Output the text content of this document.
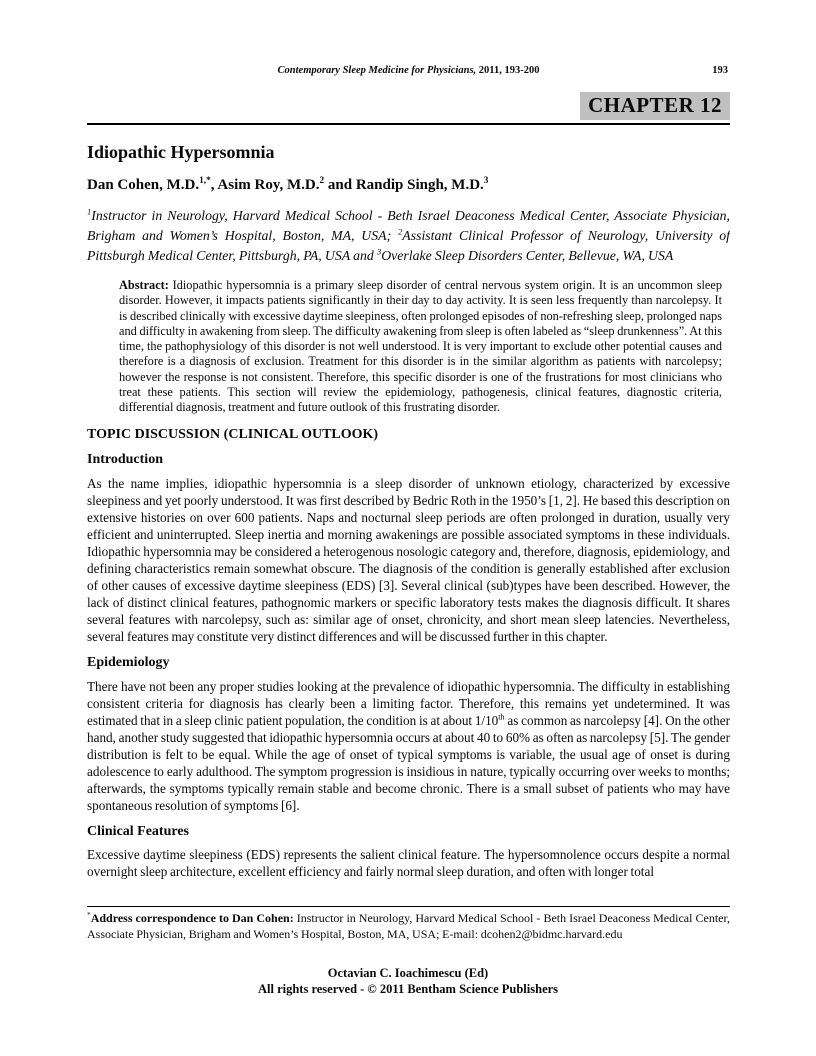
Contemporary Sleep Medicine for Physicians, 2011, 193-200	193
CHAPTER 12
Idiopathic Hypersomnia
Dan Cohen, M.D.$^{1,*}$, Asim Roy, M.D.$^2$ and Randip Singh, M.D.$^3$
$^1$Instructor in Neurology, Harvard Medical School - Beth Israel Deaconess Medical Center, Associate Physician, Brigham and Women’s Hospital, Boston, MA, USA; $^2$Assistant Clinical Professor of Neurology, University of Pittsburgh Medical Center, Pittsburgh, PA, USA and $^3$Overlake Sleep Disorders Center, Bellevue, WA, USA
Abstract: Idiopathic hypersomnia is a primary sleep disorder of central nervous system origin. It is an uncommon sleep disorder. However, it impacts patients significantly in their day to day activity. It is seen less frequently than narcolepsy. It is described clinically with excessive daytime sleepiness, often prolonged episodes of non-refreshing sleep, prolonged naps and difficulty in awakening from sleep. The difficulty awakening from sleep is often labeled as “sleep drunkenness”. At this time, the pathophysiology of this disorder is not well understood. It is very important to exclude other potential causes and therefore is a diagnosis of exclusion. Treatment for this disorder is in the similar algorithm as patients with narcolepsy; however the response is not consistent. Therefore, this specific disorder is one of the frustrations for most clinicians who treat these patients. This section will review the epidemiology, pathogenesis, clinical features, diagnostic criteria, differential diagnosis, treatment and future outlook of this frustrating disorder.
TOPIC DISCUSSION (CLINICAL OUTLOOK)
Introduction

As the name implies, idiopathic hypersomnia is a sleep disorder of unknown etiology, characterized by excessive sleepiness and yet poorly understood. It was first described by Bedric Roth in the 1950’s [1, 2]. He based this description on extensive histories on over 600 patients. Naps and nocturnal sleep periods are often prolonged in duration, usually very efficient and uninterrupted. Sleep inertia and morning awakenings are possible associated symptoms in these individuals. Idiopathic hypersomnia may be considered a heterogenous nosologic category and, therefore, diagnosis, epidemiology, and defining characteristics remain somewhat obscure. The diagnosis of the condition is generally established after exclusion of other causes of excessive daytime sleepiness (EDS) [3]. Several clinical (sub)types have been described. However, the lack of distinct clinical features, pathognomic markers or specific laboratory tests makes the diagnosis difficult. It shares several features with narcolepsy, such as: similar age of onset, chronicity, and short mean sleep latencies. Nevertheless, several features may constitute very distinct differences and will be discussed further in this chapter.

Epidemiology

There have not been any proper studies looking at the prevalence of idiopathic hypersomnia. The difficulty in establishing consistent criteria for diagnosis has clearly been a limiting factor. Therefore, this remains yet undetermined. It was estimated that in a sleep clinic patient population, the condition is at about 1/10th as common as narcolepsy [4]. On the other hand, another study suggested that idiopathic hypersomnia occurs at about 40 to 60% as often as narcolepsy [5]. The gender distribution is felt to be equal. While the age of onset of typical symptoms is variable, the usual age of onset is during adolescence to early adulthood. The symptom progression is insidious in nature, typically occurring over weeks to months; afterwards, the symptoms typically remain stable and become chronic. There is a small subset of patients who may have spontaneous resolution of symptoms [6].

Clinical Features

Excessive daytime sleepiness (EDS) represents the salient clinical feature. The hypersomnolence occurs despite a normal overnight sleep architecture, excellent efficiency and fairly normal sleep duration, and often with longer total

*Address correspondence to Dan Cohen: Instructor in Neurology, Harvard Medical School - Beth Israel Deaconess Medical Center, Associate Physician, Brigham and Women’s Hospital, Boston, MA, USA; E-mail: dcohen2@bidmc.harvard.edu
Octavian C. Ioachimescu (Ed)
All rights reserved - © 2011 Bentham Science Publishers
